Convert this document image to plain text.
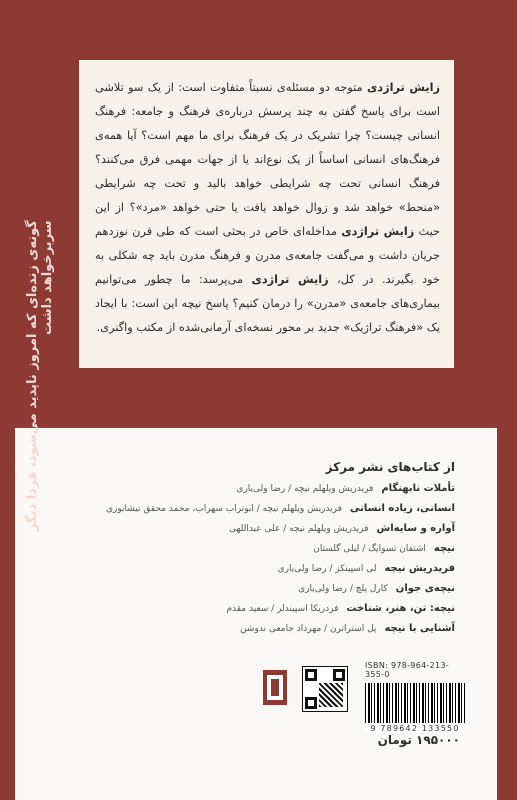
زایش تراژدی متوجه دو مسئله‌ی نسبتاً متفاوت است: از یک سو تلاشی است برای پاسخ گفتن به چند پرسش درباره‌ی فرهنگ و جامعه: فرهنگ انسانی چیست؟ چرا تشریک در یک فرهنگ برای ما مهم است؟ آیا همه‌ی فرهنگ‌های انسانی اساساً از یک نوع‌اند یا از جهات مهمی فرق می‌کنند؟ فرهنگ انسانی تحت چه شرایطی خواهد بالید و تحت چه شرایطی «منحط» خواهد شد و زوال خواهد یافت یا حتی خواهد «مرد»؟ از این حیث زایش تراژدی مداخله‌ای خاص در بحثی است که طی قرن نوزدهم جریان داشت و می‌گفت جامعه‌ی مدرن و فرهنگ مدرن باید چه شکلی به خود بگیرند. در کل، زایش تراژدی می‌پرسد: ما چطور می‌توانیم بیماری‌های جامعه‌ی «مدرن» را درمان کنیم؟ پاسخ نیچه این است: با ایجاد یک «فرهنگ تراژیک» جدید بر محور نسخه‌ای آرمانی‌شده از مکتب واگنری.
گونه‌ی زنده‌ای که امروز ناپدید می‌شود، فردا دیگر سربرخواهد داشت
از کتاب‌های نشر مرکز
تأملات نابهنگام
فریدریش ویلهلم نیچه / رضا ولی‌یاری
انسانی، زیاده انسانی
فریدریش ویلهلم نیچه / ابوتراب سهراب، محمد محقق نیشابوری
آواره و سایه‌اش
فریدریش ویلهلم نیچه / علی عبداللهی
نیچه
اشتفان تسوایگ / لیلی گلستان
فریدریش نیچه
لی اسپینکز / رضا ولی‌یاری
نیچه‌ی جوان
کارل پلچ / رضا ولی‌یاری
نیچه: تن، هنر، شناخت
فردریکا اسپیندلر / سعید مقدم
آشنایی با نیچه
پل استراترن / مهرداد جامعی ندوشن
ISBN: 978-964-213-355-0
9 789642 133550
۱۹۵۰۰۰ تومان
